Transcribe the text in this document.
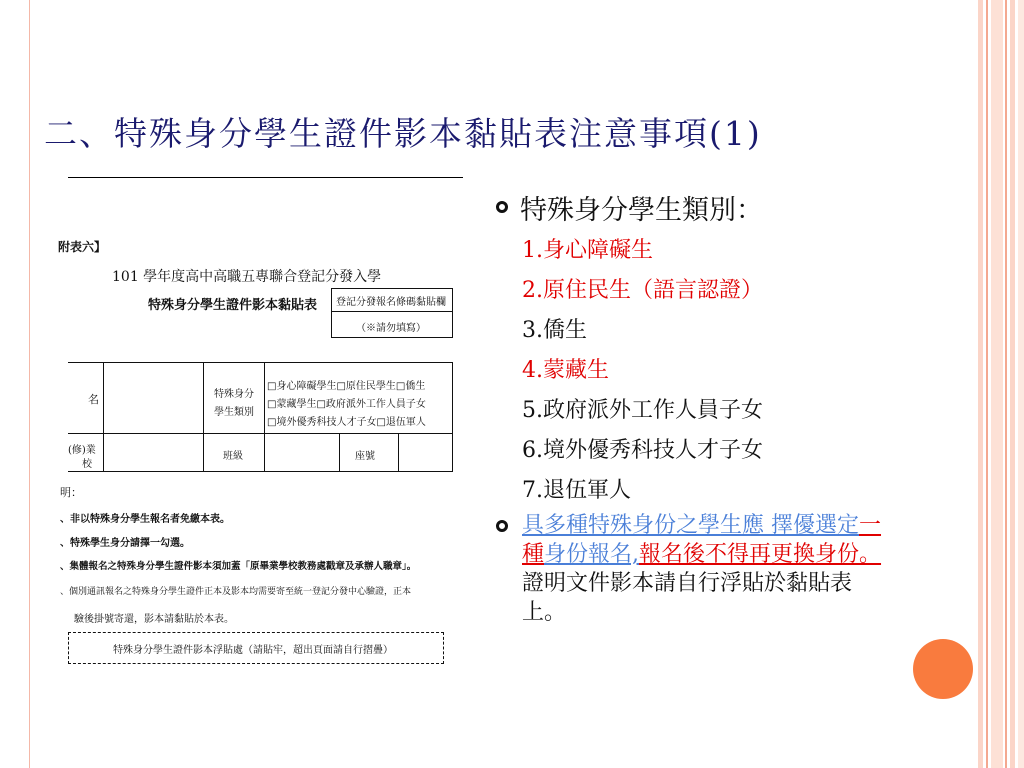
二、特殊身分學生證件影本黏貼表注意事項(1)
附表六】
101 學年度高中高職五專聯合登記分發入學
特殊身分學生證件影本黏貼表 登記分發報名條碼黏貼欄
（※請勿填寫）
名	特殊身分
學生類別
□身心障礙學生□原住民學生□僑生
□蒙藏學生□政府派外工作人員子女
□境外優秀科技人才子女□退伍軍人
(修)業
校
班級	座號
明：
、非以特殊身分學生報名者免繳本表。
、特殊學生身分請擇一勾選。
、集體報名之特殊身分學生證件影本須加蓋「原畢業學校教務處戳章及承辦人職章」。
、個別通訊報名之特殊身分學生證件正本及影本均需要寄至統一登記分發中心驗證，正本
驗後掛號寄還，影本請黏貼於本表。
特殊身分學生證件影本浮貼處（請貼牢，超出頁面請自行摺疊）
特殊身分學生類別：
1.身心障礙生
2.原住民生（語言認證）
3.僑生
4.蒙藏生
5.政府派外工作人員子女
6.境外優秀科技人才子女
7.退伍軍人
具多種特殊身份之學生應 擇優選定一種身份報名,報名後不得再更換身份。證明文件影本請自行浮貼於黏貼表上。
